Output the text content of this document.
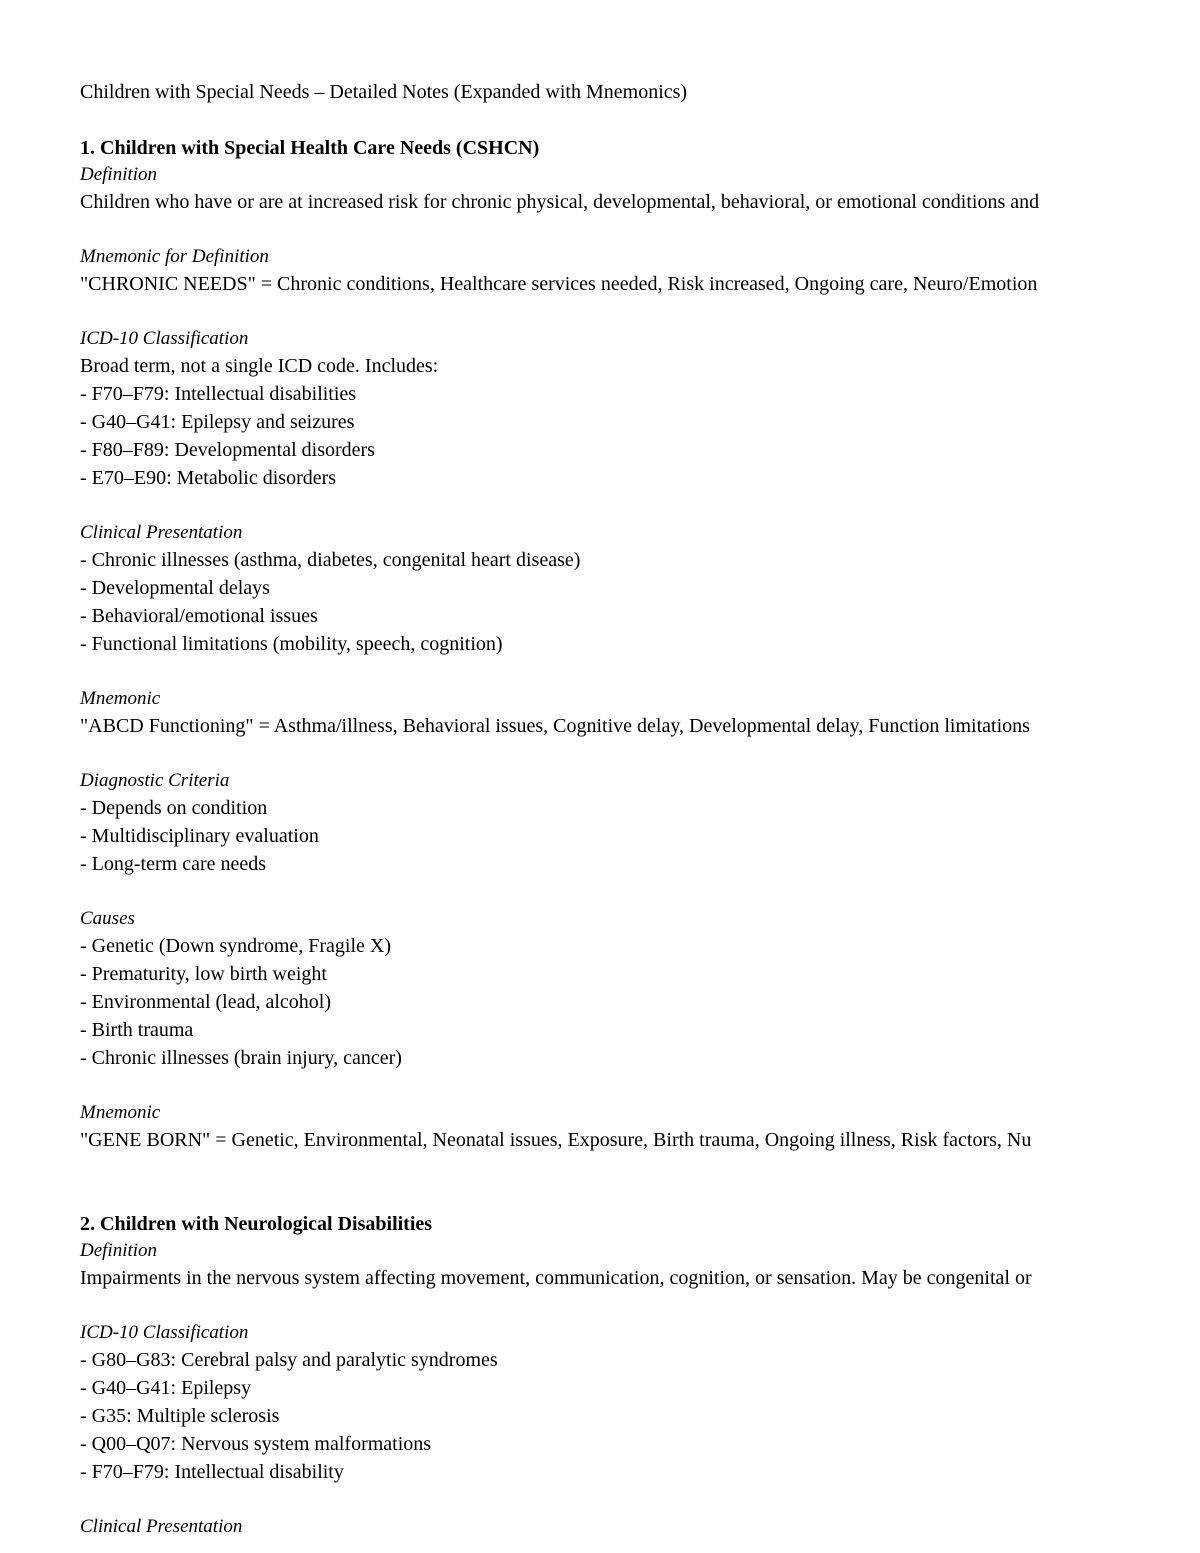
Children with Special Needs – Detailed Notes (Expanded with Mnemonics)
1. Children with Special Health Care Needs (CSHCN)
Definition
Children who have or are at increased risk for chronic physical, developmental, behavioral, or emotional conditions and
Mnemonic for Definition
"CHRONIC NEEDS" = Chronic conditions, Healthcare services needed, Risk increased, Ongoing care, Neuro/Emotion
ICD-10 Classification
Broad term, not a single ICD code. Includes:
- F70–F79: Intellectual disabilities
- G40–G41: Epilepsy and seizures
- F80–F89: Developmental disorders
- E70–E90: Metabolic disorders
Clinical Presentation
- Chronic illnesses (asthma, diabetes, congenital heart disease)
- Developmental delays
- Behavioral/emotional issues
- Functional limitations (mobility, speech, cognition)
Mnemonic
"ABCD Functioning" = Asthma/illness, Behavioral issues, Cognitive delay, Developmental delay, Function limitations
Diagnostic Criteria
- Depends on condition
- Multidisciplinary evaluation
- Long-term care needs
Causes
- Genetic (Down syndrome, Fragile X)
- Prematurity, low birth weight
- Environmental (lead, alcohol)
- Birth trauma
- Chronic illnesses (brain injury, cancer)
Mnemonic
"GENE BORN" = Genetic, Environmental, Neonatal issues, Exposure, Birth trauma, Ongoing illness, Risk factors, Nu
2. Children with Neurological Disabilities
Definition
Impairments in the nervous system affecting movement, communication, cognition, or sensation. May be congenital or
ICD-10 Classification
- G80–G83: Cerebral palsy and paralytic syndromes
- G40–G41: Epilepsy
- G35: Multiple sclerosis
- Q00–Q07: Nervous system malformations
- F70–F79: Intellectual disability
Clinical Presentation
